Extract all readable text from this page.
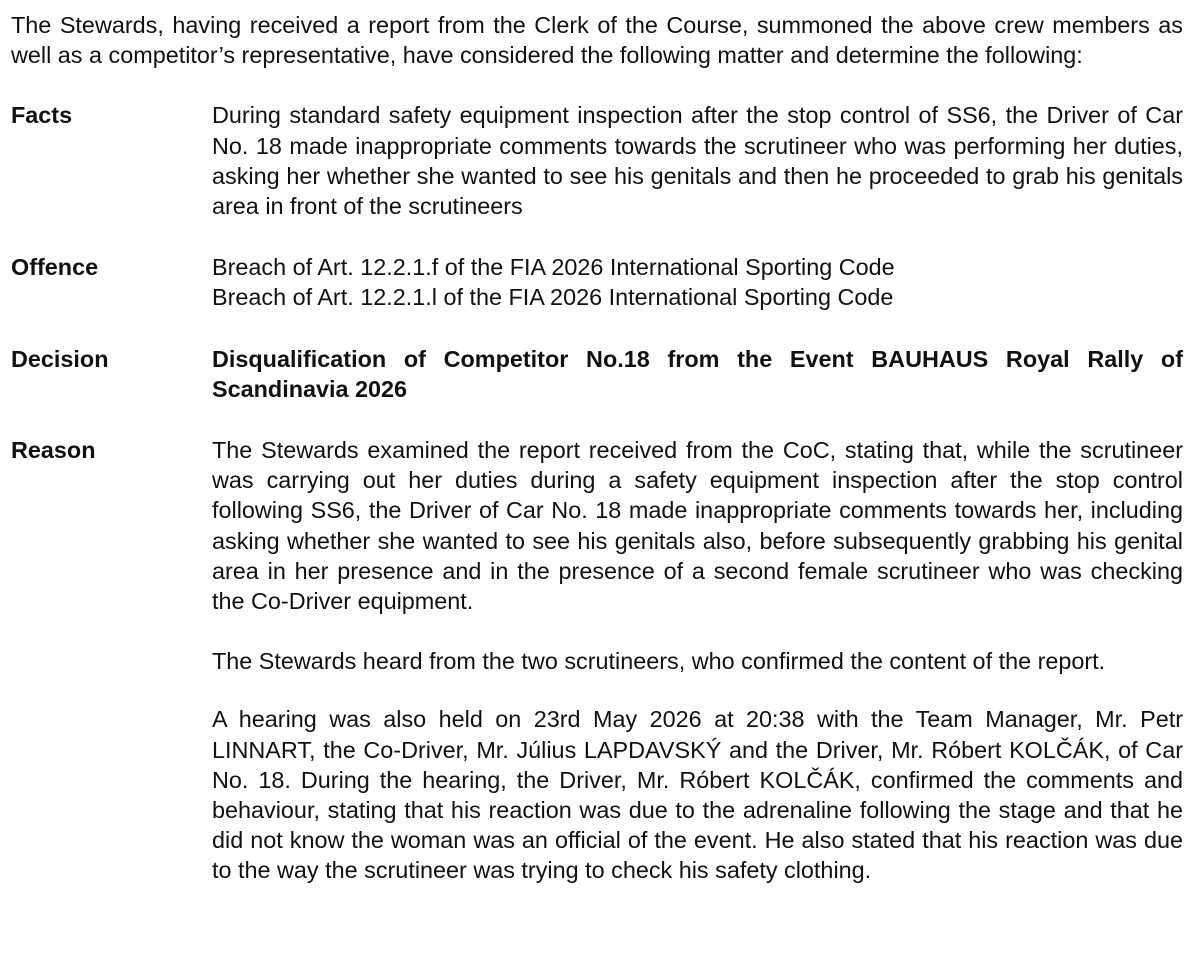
The Stewards, having received a report from the Clerk of the Course, summoned the above crew members as well as a competitor’s representative, have considered the following matter and determine the following:

Facts	During standard safety equipment inspection after the stop control of SS6, the Driver of Car No. 18 made inappropriate comments towards the scrutineer who was performing her duties, asking her whether she wanted to see his genitals and then he proceeded to grab his genitals area in front of the scrutineers

Offence	Breach of Art. 12.2.1.f of the FIA 2026 International Sporting Code
Breach of Art. 12.2.1.l of the FIA 2026 International Sporting Code
Decision	Disqualification of Competitor No.18 from the Event BAUHAUS Royal Rally of Scandinavia 2026

Reason	The Stewards examined the report received from the CoC, stating that, while the scrutineer was carrying out her duties during a safety equipment inspection after the stop control following SS6, the Driver of Car No. 18 made inappropriate comments towards her, including asking whether she wanted to see his genitals also, before subsequently grabbing his genital area in her presence and in the presence of a second female scrutineer who was checking the Co-Driver equipment.

The Stewards heard from the two scrutineers, who confirmed the content of the report.

A hearing was also held on 23rd May 2026 at 20:38 with the Team Manager, Mr. Petr LINNART, the Co-Driver, Mr. Július LAPDAVSKÝ and the Driver, Mr. Róbert KOLČÁK, of Car No. 18. During the hearing, the Driver, Mr. Róbert KOLČÁK, confirmed the comments and behaviour, stating that his reaction was due to the adrenaline following the stage and that he did not know the woman was an official of the event. He also stated that his reaction was due to the way the scrutineer was trying to check his safety clothing.
